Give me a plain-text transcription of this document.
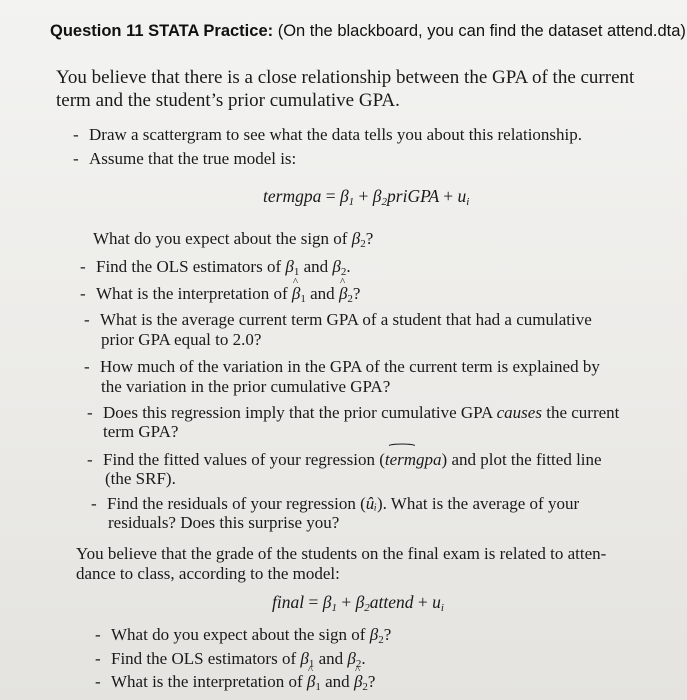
Question 11 STATA Practice: (On the blackboard, you can find the dataset attend.dta)
You believe that there is a close relationship between the GPA of the current
term and the student’s prior cumulative GPA.
- Draw a scattergram to see what the data tells you about this relationship.
- Assume that the true model is:
termgpa = $\beta_1$ + $\beta_2priGPA + u_i$
What do you expect about the sign of $\beta_2$?
- Find the OLS estimators of $\beta_1$ and $\beta_2$.
- What is the interpretation of ^ $\beta_1$ and ^ $\beta_2$?
- What is the average current term GPA of a student that had a cumulative
prior GPA equal to 2.0?
- How much of the variation in the GPA of the current term is explained by
the variation in the prior cumulative GPA?
- Does this regression imply that the prior cumulative GPA causes the current
term GPA?
- Find the fitted values of your regression (⌢ termgpa) and plot the fitted line
(the SRF).
- Find the residuals of your regression (ûᵢ). What is the average of your
residuals? Does this surprise you?
You believe that the grade of the students on the final exam is related to atten-
dance to class, according to the model:
final = $\beta_1$ + $\beta_2attend + u_i$
- What do you expect about the sign of $\beta_2$?
- Find the OLS estimators of $\beta_1$ and $\beta_2$.
- What is the interpretation of ^ $\beta_1$ and ^ $\beta_2$?
